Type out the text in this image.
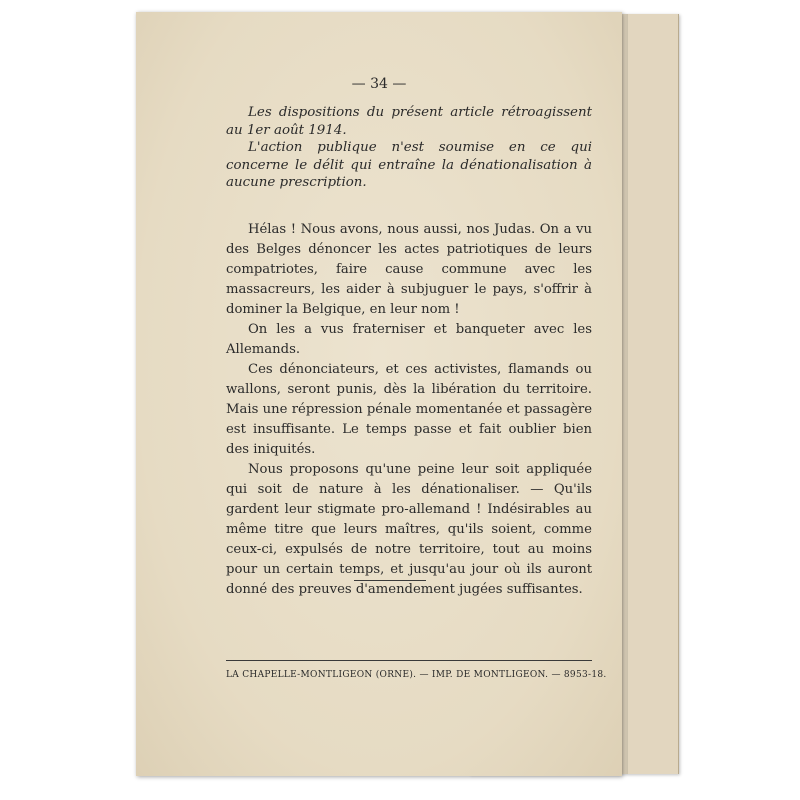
— 34 —

Les dispositions du présent article rétroagissent au 1er août 1914.

L'action publique n'est soumise en ce qui concerne le délit qui entraîne la dénationalisation à aucune prescription.

Hélas ! Nous avons, nous aussi, nos Judas. On a vu des Belges dénoncer les actes patriotiques de leurs compatriotes, faire cause commune avec les massacreurs, les aider à subjuguer le pays, s'offrir à dominer la Belgique, en leur nom !

On les a vus fraterniser et banqueter avec les Allemands.

Ces dénonciateurs, et ces activistes, flamands ou wallons, seront punis, dès la libération du territoire. Mais une répression pénale momentanée et passagère est insuffisante. Le temps passe et fait oublier bien des iniquités.

Nous proposons qu'une peine leur soit appliquée qui soit de nature à les dénationaliser. — Qu'ils gardent leur stigmate pro-allemand ! Indésirables au même titre que leurs maîtres, qu'ils soient, comme ceux-ci, expulsés de notre territoire, tout au moins pour un certain temps, et jusqu'au jour où ils auront donné des preuves d'amendement jugées suffisantes.

LA CHAPELLE-MONTLIGEON (ORNE). — IMP. DE MONTLIGEON. — 8953-18.
